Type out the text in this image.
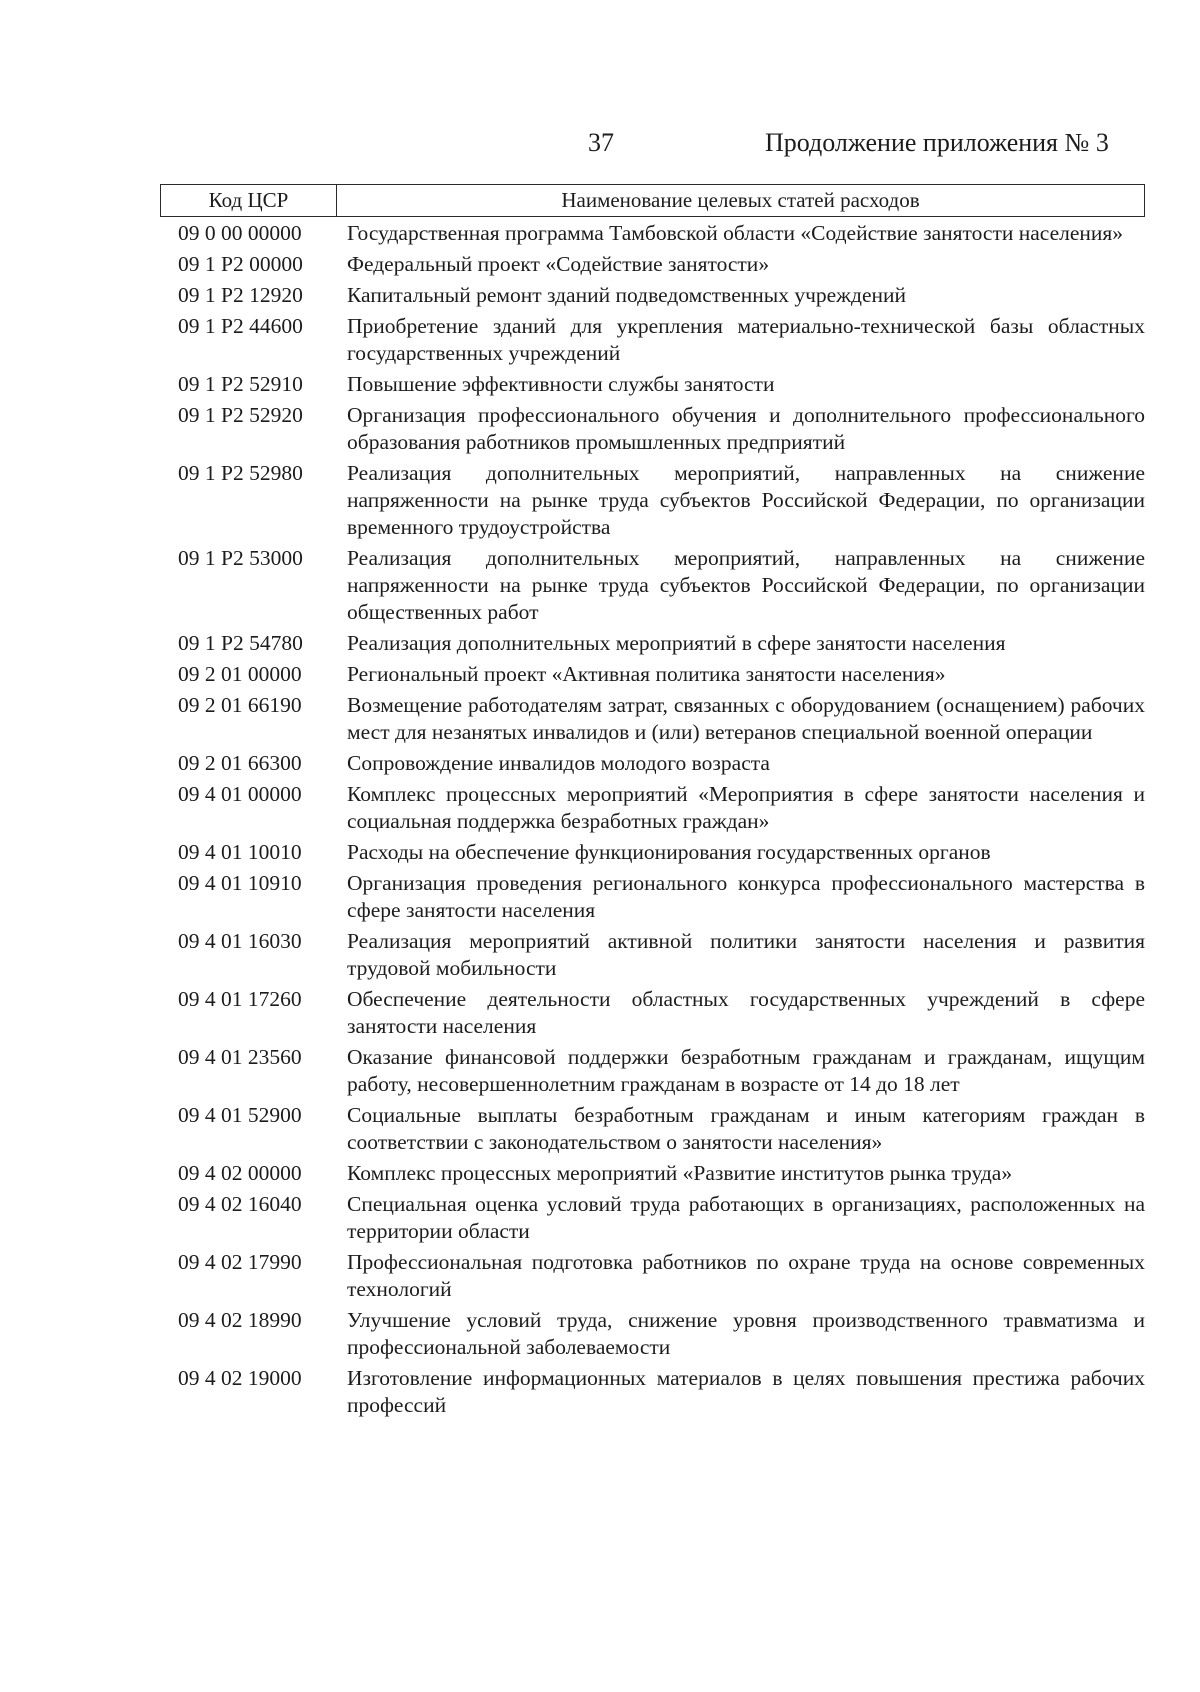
37	Продолжение приложения № 3
Код ЦСР	Наименование целевых статей расходов
09 0 00 00000	Государственная программа Тамбовской области «Содействие занятости населения»
09 1 Р2 00000	Федеральный проект «Содействие занятости»
09 1 Р2 12920	Капитальный ремонт зданий подведомственных учреждений
09 1 Р2 44600	Приобретение зданий для укрепления материально-технической базы областных государственных учреждений
09 1 Р2 52910	Повышение эффективности службы занятости
09 1 Р2 52920	Организация профессионального обучения и дополнительного профессионального образования работников промышленных предприятий
09 1 Р2 52980	Реализация дополнительных мероприятий, направленных на снижение напряженности на рынке труда субъектов Российской Федерации, по организации временного трудоустройства
09 1 Р2 53000	Реализация дополнительных мероприятий, направленных на снижение напряженности на рынке труда субъектов Российской Федерации, по организации общественных работ
09 1 Р2 54780	Реализация дополнительных мероприятий в сфере занятости населения
09 2 01 00000	Региональный проект «Активная политика занятости населения»
09 2 01 66190	Возмещение работодателям затрат, связанных с оборудованием (оснащением) рабочих мест для незанятых инвалидов и (или) ветеранов специальной военной операции
09 2 01 66300	Сопровождение инвалидов молодого возраста
09 4 01 00000	Комплекс процессных мероприятий «Мероприятия в сфере занятости населения и социальная поддержка безработных граждан»
09 4 01 10010	Расходы на обеспечение функционирования государственных органов
09 4 01 10910	Организация проведения регионального конкурса профессионального мастерства в сфере занятости населения
09 4 01 16030	Реализация мероприятий активной политики занятости населения и развития трудовой мобильности
09 4 01 17260	Обеспечение деятельности областных государственных учреждений в сфере занятости населения
09 4 01 23560	Оказание финансовой поддержки безработным гражданам и гражданам, ищущим работу, несовершеннолетним гражданам в возрасте от 14 до 18 лет
09 4 01 52900	Социальные выплаты безработным гражданам и иным категориям граждан в соответствии с законодательством о занятости населения»
09 4 02 00000	Комплекс процессных мероприятий «Развитие институтов рынка труда»
09 4 02 16040	Специальная оценка условий труда работающих в организациях, расположенных на территории области
09 4 02 17990	Профессиональная подготовка работников по охране труда на основе современных технологий
09 4 02 18990	Улучшение условий труда, снижение уровня производственного травматизма и профессиональной заболеваемости
09 4 02 19000	Изготовление информационных материалов в целях повышения престижа рабочих профессий
